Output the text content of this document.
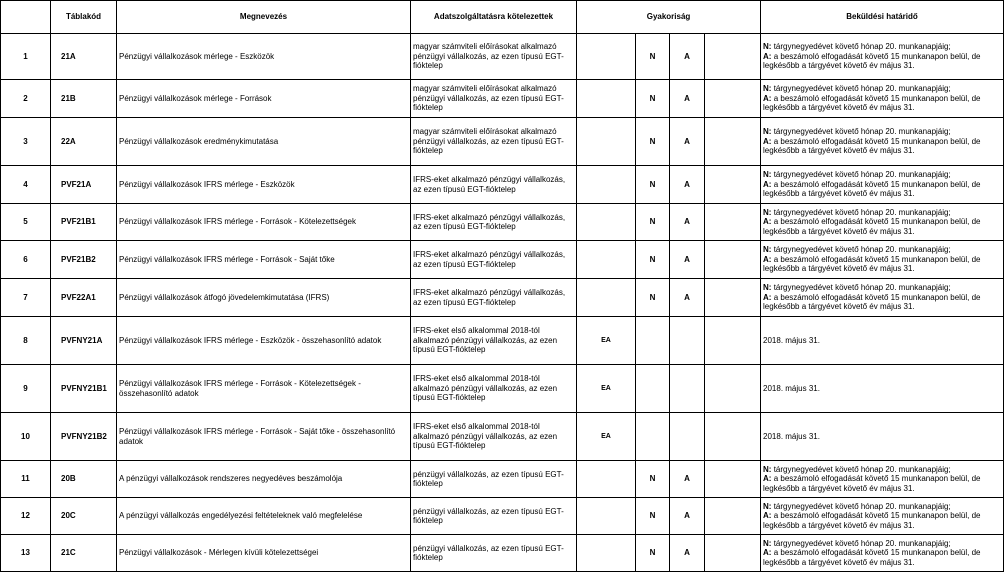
	Táblakód	Megnevezés	Adatszolgáltatásra kötelezettek	Gyakoriság				Beküldési határidő
1	21A	Pénzügyi vállalkozások mérlege - Eszközök	magyar számviteli előírásokat alkalmazó pénzügyi vállalkozás, az ezen típusú EGT-fióktelep		N	A		N: tárgynegyedévet követő hónap 20. munkanapjáig;
A: a beszámoló elfogadását követő 15 munkanapon belül, de legkésőbb a tárgyévet követő év május 31.
2	21B	Pénzügyi vállalkozások mérlege - Források	magyar számviteli előírásokat alkalmazó pénzügyi vállalkozás, az ezen típusú EGT-fióktelep		N	A		N: tárgynegyedévet követő hónap 20. munkanapjáig;
A: a beszámoló elfogadását követő 15 munkanapon belül, de legkésőbb a tárgyévet követő év május 31.
3	22A	Pénzügyi vállalkozások eredménykimutatása	magyar számviteli előírásokat alkalmazó pénzügyi vállalkozás, az ezen típusú EGT-fióktelep		N	A		N: tárgynegyedévet követő hónap 20. munkanapjáig;
A: a beszámoló elfogadását követő 15 munkanapon belül, de legkésőbb a tárgyévet követő év május 31.
4	PVF21A	Pénzügyi vállalkozások IFRS mérlege - Eszközök	IFRS-eket alkalmazó pénzügyi vállalkozás, az ezen típusú EGT-fióktelep		N	A		N: tárgynegyedévet követő hónap 20. munkanapjáig;
A: a beszámoló elfogadását követő 15 munkanapon belül, de legkésőbb a tárgyévet követő év május 31.
5	PVF21B1	Pénzügyi vállalkozások IFRS mérlege - Források - Kötelezettségek	IFRS-eket alkalmazó pénzügyi vállalkozás, az ezen típusú EGT-fióktelep		N	A		N: tárgynegyedévet követő hónap 20. munkanapjáig;
A: a beszámoló elfogadását követő 15 munkanapon belül, de legkésőbb a tárgyévet követő év május 31.
6	PVF21B2	Pénzügyi vállalkozások IFRS mérlege - Források - Saját tőke	IFRS-eket alkalmazó pénzügyi vállalkozás, az ezen típusú EGT-fióktelep		N	A		N: tárgynegyedévet követő hónap 20. munkanapjáig;
A: a beszámoló elfogadását követő 15 munkanapon belül, de legkésőbb a tárgyévet követő év május 31.
7	PVF22A1	Pénzügyi vállalkozások átfogó jövedelemkimutatása (IFRS)	IFRS-eket alkalmazó pénzügyi vállalkozás, az ezen típusú EGT-fióktelep		N	A		N: tárgynegyedévet követő hónap 20. munkanapjáig;
A: a beszámoló elfogadását követő 15 munkanapon belül, de legkésőbb a tárgyévet követő év május 31.
8	PVFNY21A	Pénzügyi vállalkozások IFRS mérlege - Eszközök - összehasonlító adatok	IFRS-eket első alkalommal 2018-tól alkalmazó pénzügyi vállalkozás, az ezen típusú EGT-fióktelep	EA				2018. május 31.
9	PVFNY21B1	Pénzügyi vállalkozások IFRS mérlege - Források - Kötelezettségek - összehasonlító adatok	IFRS-eket első alkalommal 2018-tól alkalmazó pénzügyi vállalkozás, az ezen típusú EGT-fióktelep	EA				2018. május 31.
10	PVFNY21B2	Pénzügyi vállalkozások IFRS mérlege - Források - Saját tőke - összehasonlító adatok	IFRS-eket első alkalommal 2018-tól alkalmazó pénzügyi vállalkozás, az ezen típusú EGT-fióktelep	EA				2018. május 31.
11	20B	A pénzügyi vállalkozások rendszeres negyedéves beszámolója	pénzügyi vállalkozás, az ezen típusú EGT-fióktelep		N	A		N: tárgynegyedévet követő hónap 20. munkanapjáig;
A: a beszámoló elfogadását követő 15 munkanapon belül, de legkésőbb a tárgyévet követő év május 31.
12	20C	A pénzügyi vállalkozás engedélyezési feltételeknek való megfelelése	pénzügyi vállalkozás, az ezen típusú EGT-fióktelep		N	A		N: tárgynegyedévet követő hónap 20. munkanapjáig;
A: a beszámoló elfogadását követő 15 munkanapon belül, de legkésőbb a tárgyévet követő év május 31.
13	21C	Pénzügyi vállalkozások - Mérlegen kívüli kötelezettségei	pénzügyi vállalkozás, az ezen típusú EGT-fióktelep		N	A		N: tárgynegyedévet követő hónap 20. munkanapjáig;
A: a beszámoló elfogadását követő 15 munkanapon belül, de legkésőbb a tárgyévet követő év május 31.
